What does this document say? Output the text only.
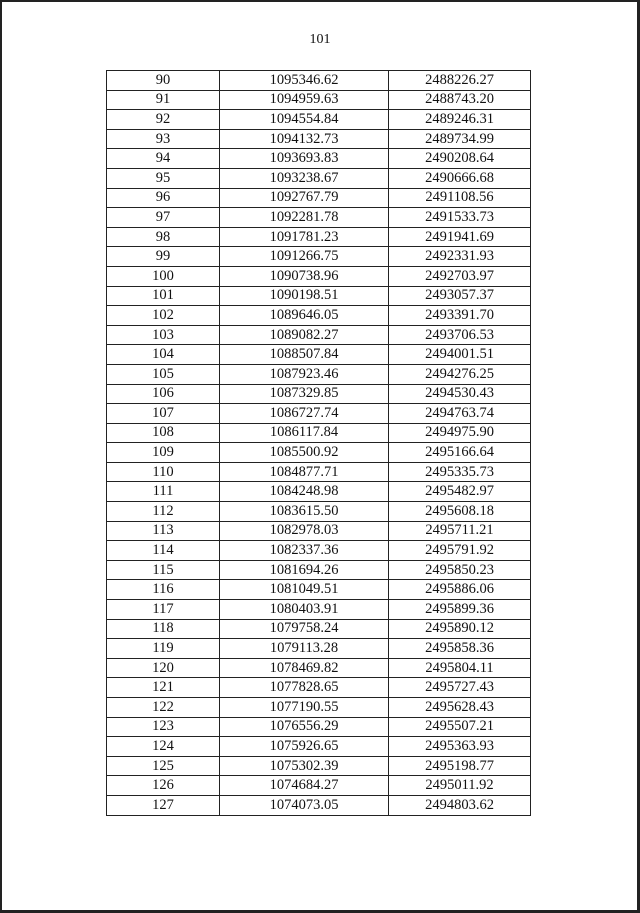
101
90	1095346.62	2488226.27
91	1094959.63	2488743.20
92	1094554.84	2489246.31
93	1094132.73	2489734.99
94	1093693.83	2490208.64
95	1093238.67	2490666.68
96	1092767.79	2491108.56
97	1092281.78	2491533.73
98	1091781.23	2491941.69
99	1091266.75	2492331.93
100	1090738.96	2492703.97
101	1090198.51	2493057.37
102	1089646.05	2493391.70
103	1089082.27	2493706.53
104	1088507.84	2494001.51
105	1087923.46	2494276.25
106	1087329.85	2494530.43
107	1086727.74	2494763.74
108	1086117.84	2494975.90
109	1085500.92	2495166.64
110	1084877.71	2495335.73
111	1084248.98	2495482.97
112	1083615.50	2495608.18
113	1082978.03	2495711.21
114	1082337.36	2495791.92
115	1081694.26	2495850.23
116	1081049.51	2495886.06
117	1080403.91	2495899.36
118	1079758.24	2495890.12
119	1079113.28	2495858.36
120	1078469.82	2495804.11
121	1077828.65	2495727.43
122	1077190.55	2495628.43
123	1076556.29	2495507.21
124	1075926.65	2495363.93
125	1075302.39	2495198.77
126	1074684.27	2495011.92
127	1074073.05	2494803.62
